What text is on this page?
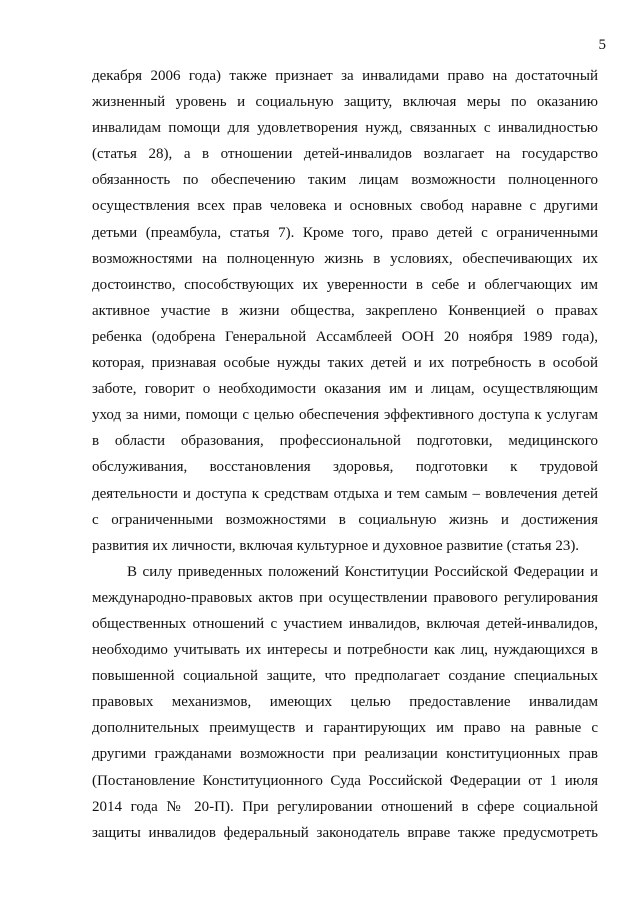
5
декабря 2006 года) также признает за инвалидами право на достаточный
жизненный уровень и социальную защиту, включая меры по оказанию
инвалидам помощи для удовлетворения нужд, связанных с инвалидностью
(статья 28), а в отношении детей-инвалидов возлагает на государство
обязанность по обеспечению таким лицам возможности полноценного
осуществления всех прав человека и основных свобод наравне с другими
детьми (преамбула, статья 7). Кроме того, право детей с ограниченными
возможностями на полноценную жизнь в условиях, обеспечивающих их
достоинство, способствующих их уверенности в себе и облегчающих им
активное участие в жизни общества, закреплено Конвенцией о правах
ребенка (одобрена Генеральной Ассамблеей ООН 20 ноября 1989 года),
которая, признавая особые нужды таких детей и их потребность в особой
заботе, говорит о необходимости оказания им и лицам, осуществляющим
уход за ними, помощи с целью обеспечения эффективного доступа к услугам
в области образования, профессиональной подготовки, медицинского
обслуживания, восстановления здоровья, подготовки к трудовой
деятельности и доступа к средствам отдыха и тем самым – вовлечения детей
с ограниченными возможностями в социальную жизнь и достижения
развития их личности, включая культурное и духовное развитие (статья 23).
В силу приведенных положений Конституции Российской Федерации и
международно-правовых актов при осуществлении правового регулирования
общественных отношений с участием инвалидов, включая детей-инвалидов,
необходимо учитывать их интересы и потребности как лиц, нуждающихся в
повышенной социальной защите, что предполагает создание специальных
правовых механизмов, имеющих целью предоставление инвалидам
дополнительных преимуществ и гарантирующих им право на равные с
другими гражданами возможности при реализации конституционных прав
(Постановление Конституционного Суда Российской Федерации от 1 июля
2014 года № 20-П). При регулировании отношений в сфере социальной
защиты инвалидов федеральный законодатель вправе также предусмотреть
